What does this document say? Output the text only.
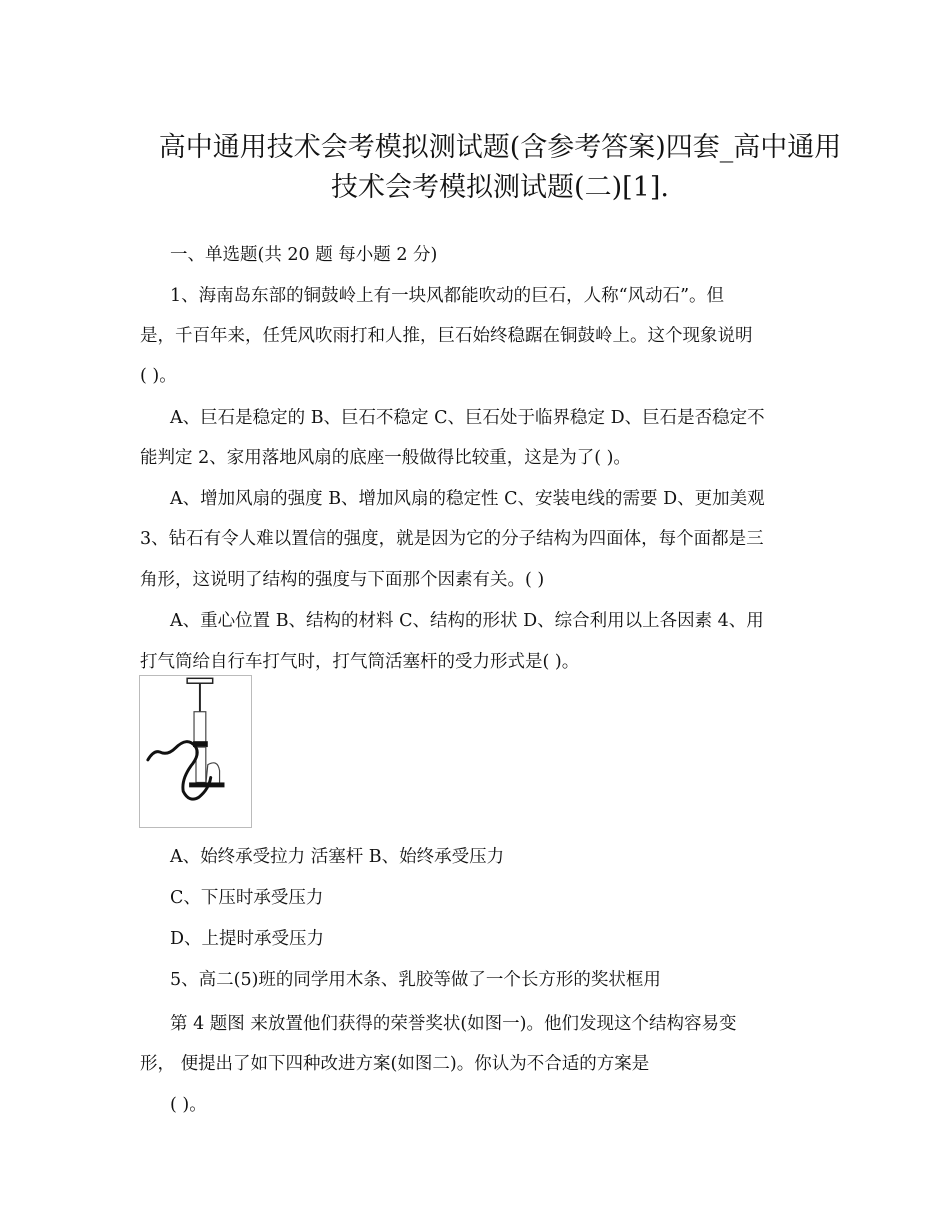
高中通用技术会考模拟测试题(含参考答案)四套_高中通用
技术会考模拟测试题(二)[1].

一、单选题(共 20 题 每小题 2 分)

1、海南岛东部的铜鼓岭上有一块风都能吹动的巨石，人称“风动石”。但

是，千百年来，任凭风吹雨打和人推，巨石始终稳踞在铜鼓岭上。这个现象说明

( )。

A、巨石是稳定的 B、巨石不稳定 C、巨石处于临界稳定 D、巨石是否稳定不

能判定 2、家用落地风扇的底座一般做得比较重，这是为了( )。

A、增加风扇的强度 B、增加风扇的稳定性 C、安装电线的需要 D、更加美观

3、钻石有令人难以置信的强度，就是因为它的分子结构为四面体，每个面都是三

角形，这说明了结构的强度与下面那个因素有关。( )

A、重心位置 B、结构的材料 C、结构的形状 D、综合利用以上各因素 4、用

打气筒给自行车打气时，打气筒活塞杆的受力形式是( )。

A、始终承受拉力 活塞杆 B、始终承受压力

C、下压时承受压力

D、上提时承受压力

5、高二(5)班的同学用木条、乳胶等做了一个长方形的奖状框用

第 4 题图 来放置他们获得的荣誉奖状(如图一)。他们发现这个结构容易变

形， 便提出了如下四种改进方案(如图二)。你认为不合适的方案是

( )。
